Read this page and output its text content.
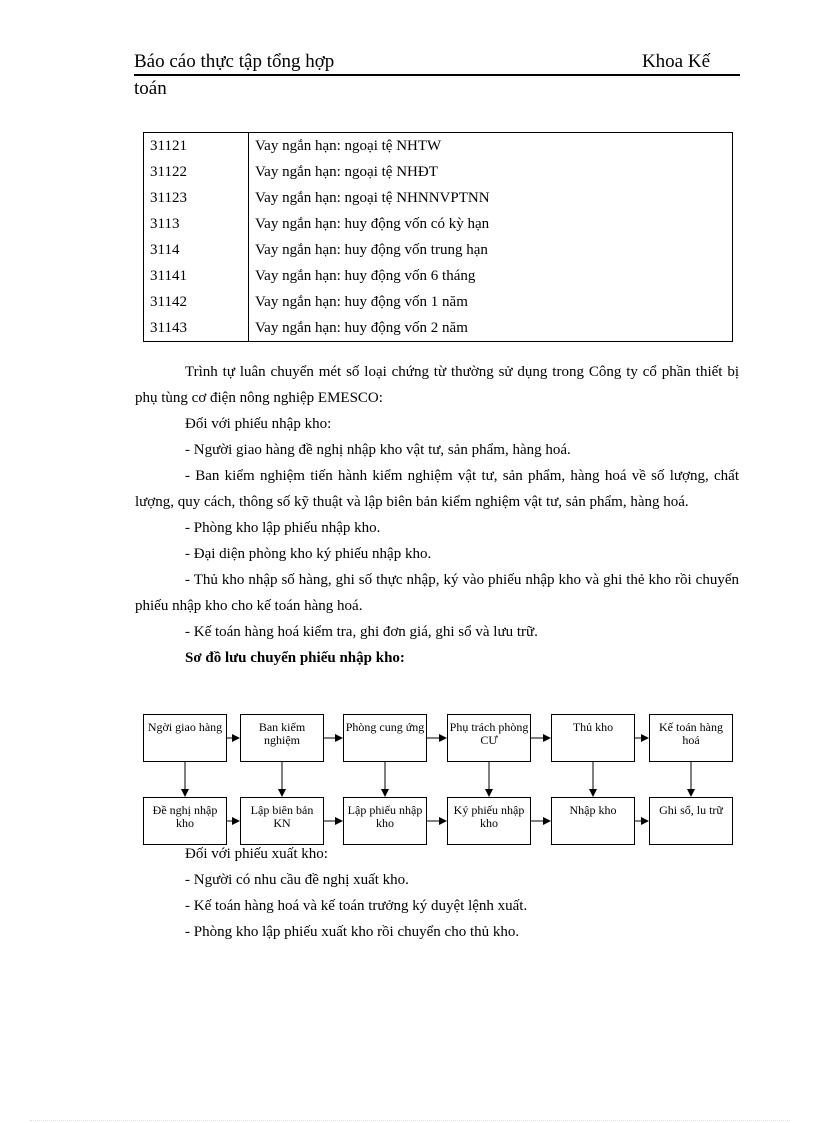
Báo cáo thực tập tổng hợp	Khoa Kế
toán
31121	Vay ngắn hạn: ngoại tệ NHTW
31122	Vay ngắn hạn: ngoại tệ NHĐT
31123	Vay ngắn hạn: ngoại tệ NHNNVPTNN
3113	Vay ngắn hạn: huy động vốn có kỳ hạn
3114	Vay ngắn hạn: huy động vốn trung hạn
31141	Vay ngắn hạn: huy động vốn 6 tháng
31142	Vay ngắn hạn: huy động vốn 1 năm
31143	Vay ngắn hạn: huy động vốn 2 năm

Trình tự luân chuyển mét số loại chứng từ thường sử dụng trong Công ty cổ phần thiết bị phụ tùng cơ điện nông nghiệp EMESCO:

Đối với phiếu nhập kho:

- Người giao hàng đề nghị nhập kho vật tư, sản phẩm, hàng hoá.

- Ban kiểm nghiệm tiến hành kiểm nghiệm vật tư, sản phẩm, hàng hoá về số lượng, chất lượng, quy cách, thông số kỹ thuật và lập biên bản kiểm nghiệm vật tư, sản phẩm, hàng hoá.

- Phòng kho lập phiếu nhập kho.

- Đại diện phòng kho ký phiếu nhập kho.

- Thủ kho nhập số hàng, ghi số thực nhập, ký vào phiếu nhập kho và ghi thẻ kho rồi chuyển phiếu nhập kho cho kế toán hàng hoá.

- Kế toán hàng hoá kiểm tra, ghi đơn giá, ghi sổ và lưu trữ.

Sơ đồ lưu chuyển phiếu nhập kho:

Ngời giao hàng	Ban kiểm nghiệm
Phòng cung ứng Phụ trách phòng CƯ
Thủ kho	Kế toán hàng hoá
Đề nghị nhập kho
Lập biên bản KN
Lập phiếu nhập kho
Ký phiếu nhập kho
Nhập kho	Ghi sổ, lu trữ

Đối với phiếu xuất kho:

- Người có nhu cầu đề nghị xuất kho.

- Kế toán hàng hoá và kế toán trưởng ký duyệt lệnh xuất.

- Phòng kho lập phiếu xuất kho rồi chuyển cho thủ kho.
